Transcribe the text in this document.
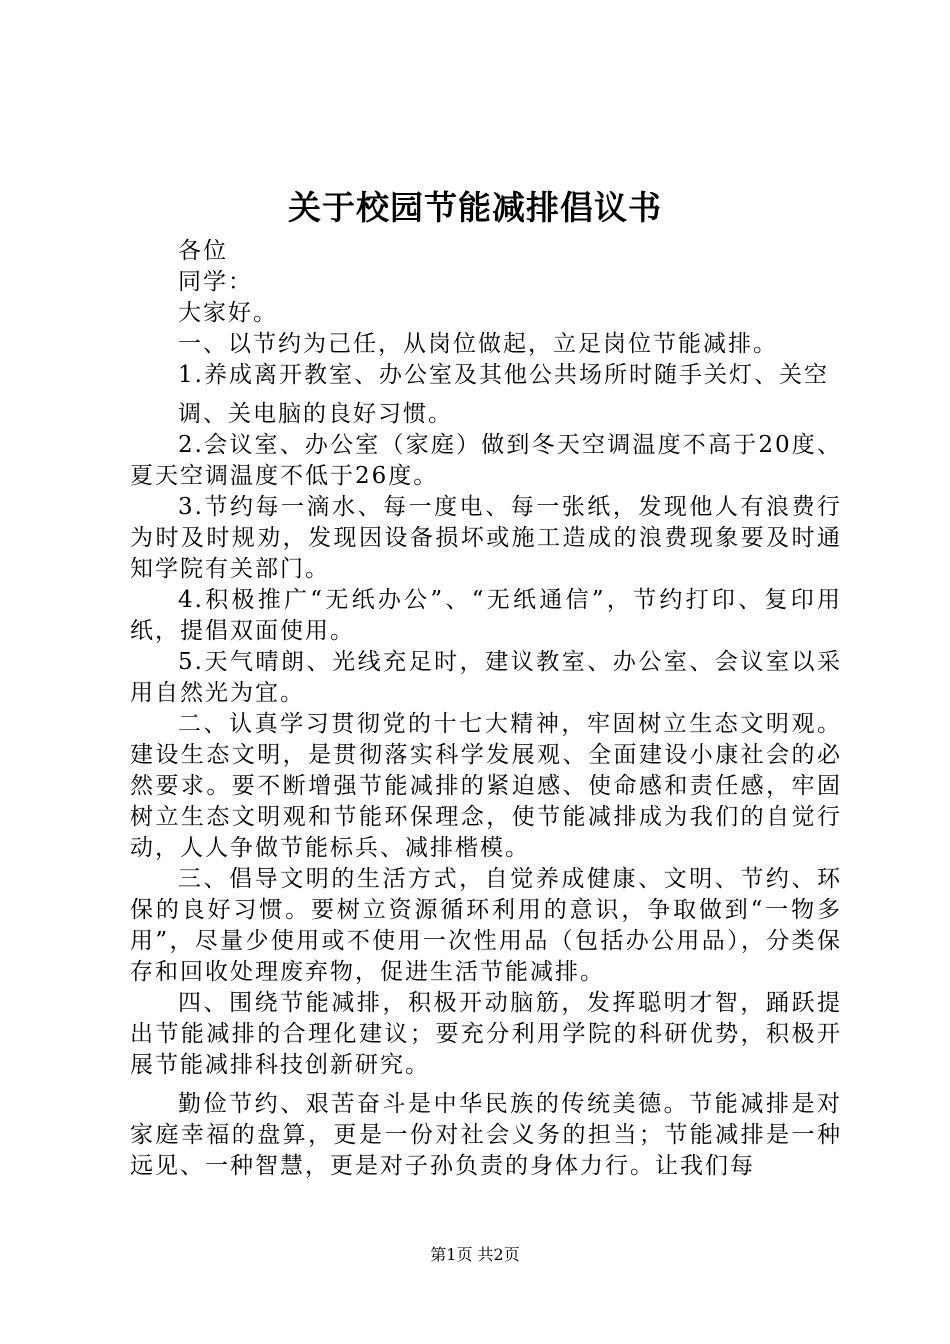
关于校园节能减排倡议书

各位

同学：

大家好。

一、以节约为己任，从岗位做起，立足岗位节能减排。

1.养成离开教室、办公室及其他公共场所时随手关灯、关空

调、关电脑的良好习惯。

2.会议室、办公室（家庭）做到冬天空调温度不高于20度、夏天空调温度不低于26度。

3.节约每一滴水、每一度电、每一张纸，发现他人有浪费行为时及时规劝，发现因设备损坏或施工造成的浪费现象要及时通知学院有关部门。

4.积极推广“无纸办公”、“无纸通信”，节约打印、复印用纸，提倡双面使用。

5.天气晴朗、光线充足时，建议教室、办公室、会议室以采用自然光为宜。

二、认真学习贯彻党的十七大精神，牢固树立生态文明观。建设生态文明，是贯彻落实科学发展观、全面建设小康社会的必然要求。要不断增强节能减排的紧迫感、使命感和责任感，牢固树立生态文明观和节能环保理念，使节能减排成为我们的自觉行动，人人争做节能标兵、减排楷模。

三、倡导文明的生活方式，自觉养成健康、文明、节约、环保的良好习惯。要树立资源循环利用的意识，争取做到“一物多用”，尽量少使用或不使用一次性用品（包括办公用品），分类保存和回收处理废弃物，促进生活节能减排。

四、围绕节能减排，积极开动脑筋，发挥聪明才智，踊跃提出节能减排的合理化建议；要充分利用学院的科研优势，积极开展节能减排科技创新研究。

勤俭节约、艰苦奋斗是中华民族的传统美德。节能减排是对家庭幸福的盘算，更是一份对社会义务的担当；节能减排是一种远见、一种智慧，更是对子孙负责的身体力行。让我们每

第1页 共2页
